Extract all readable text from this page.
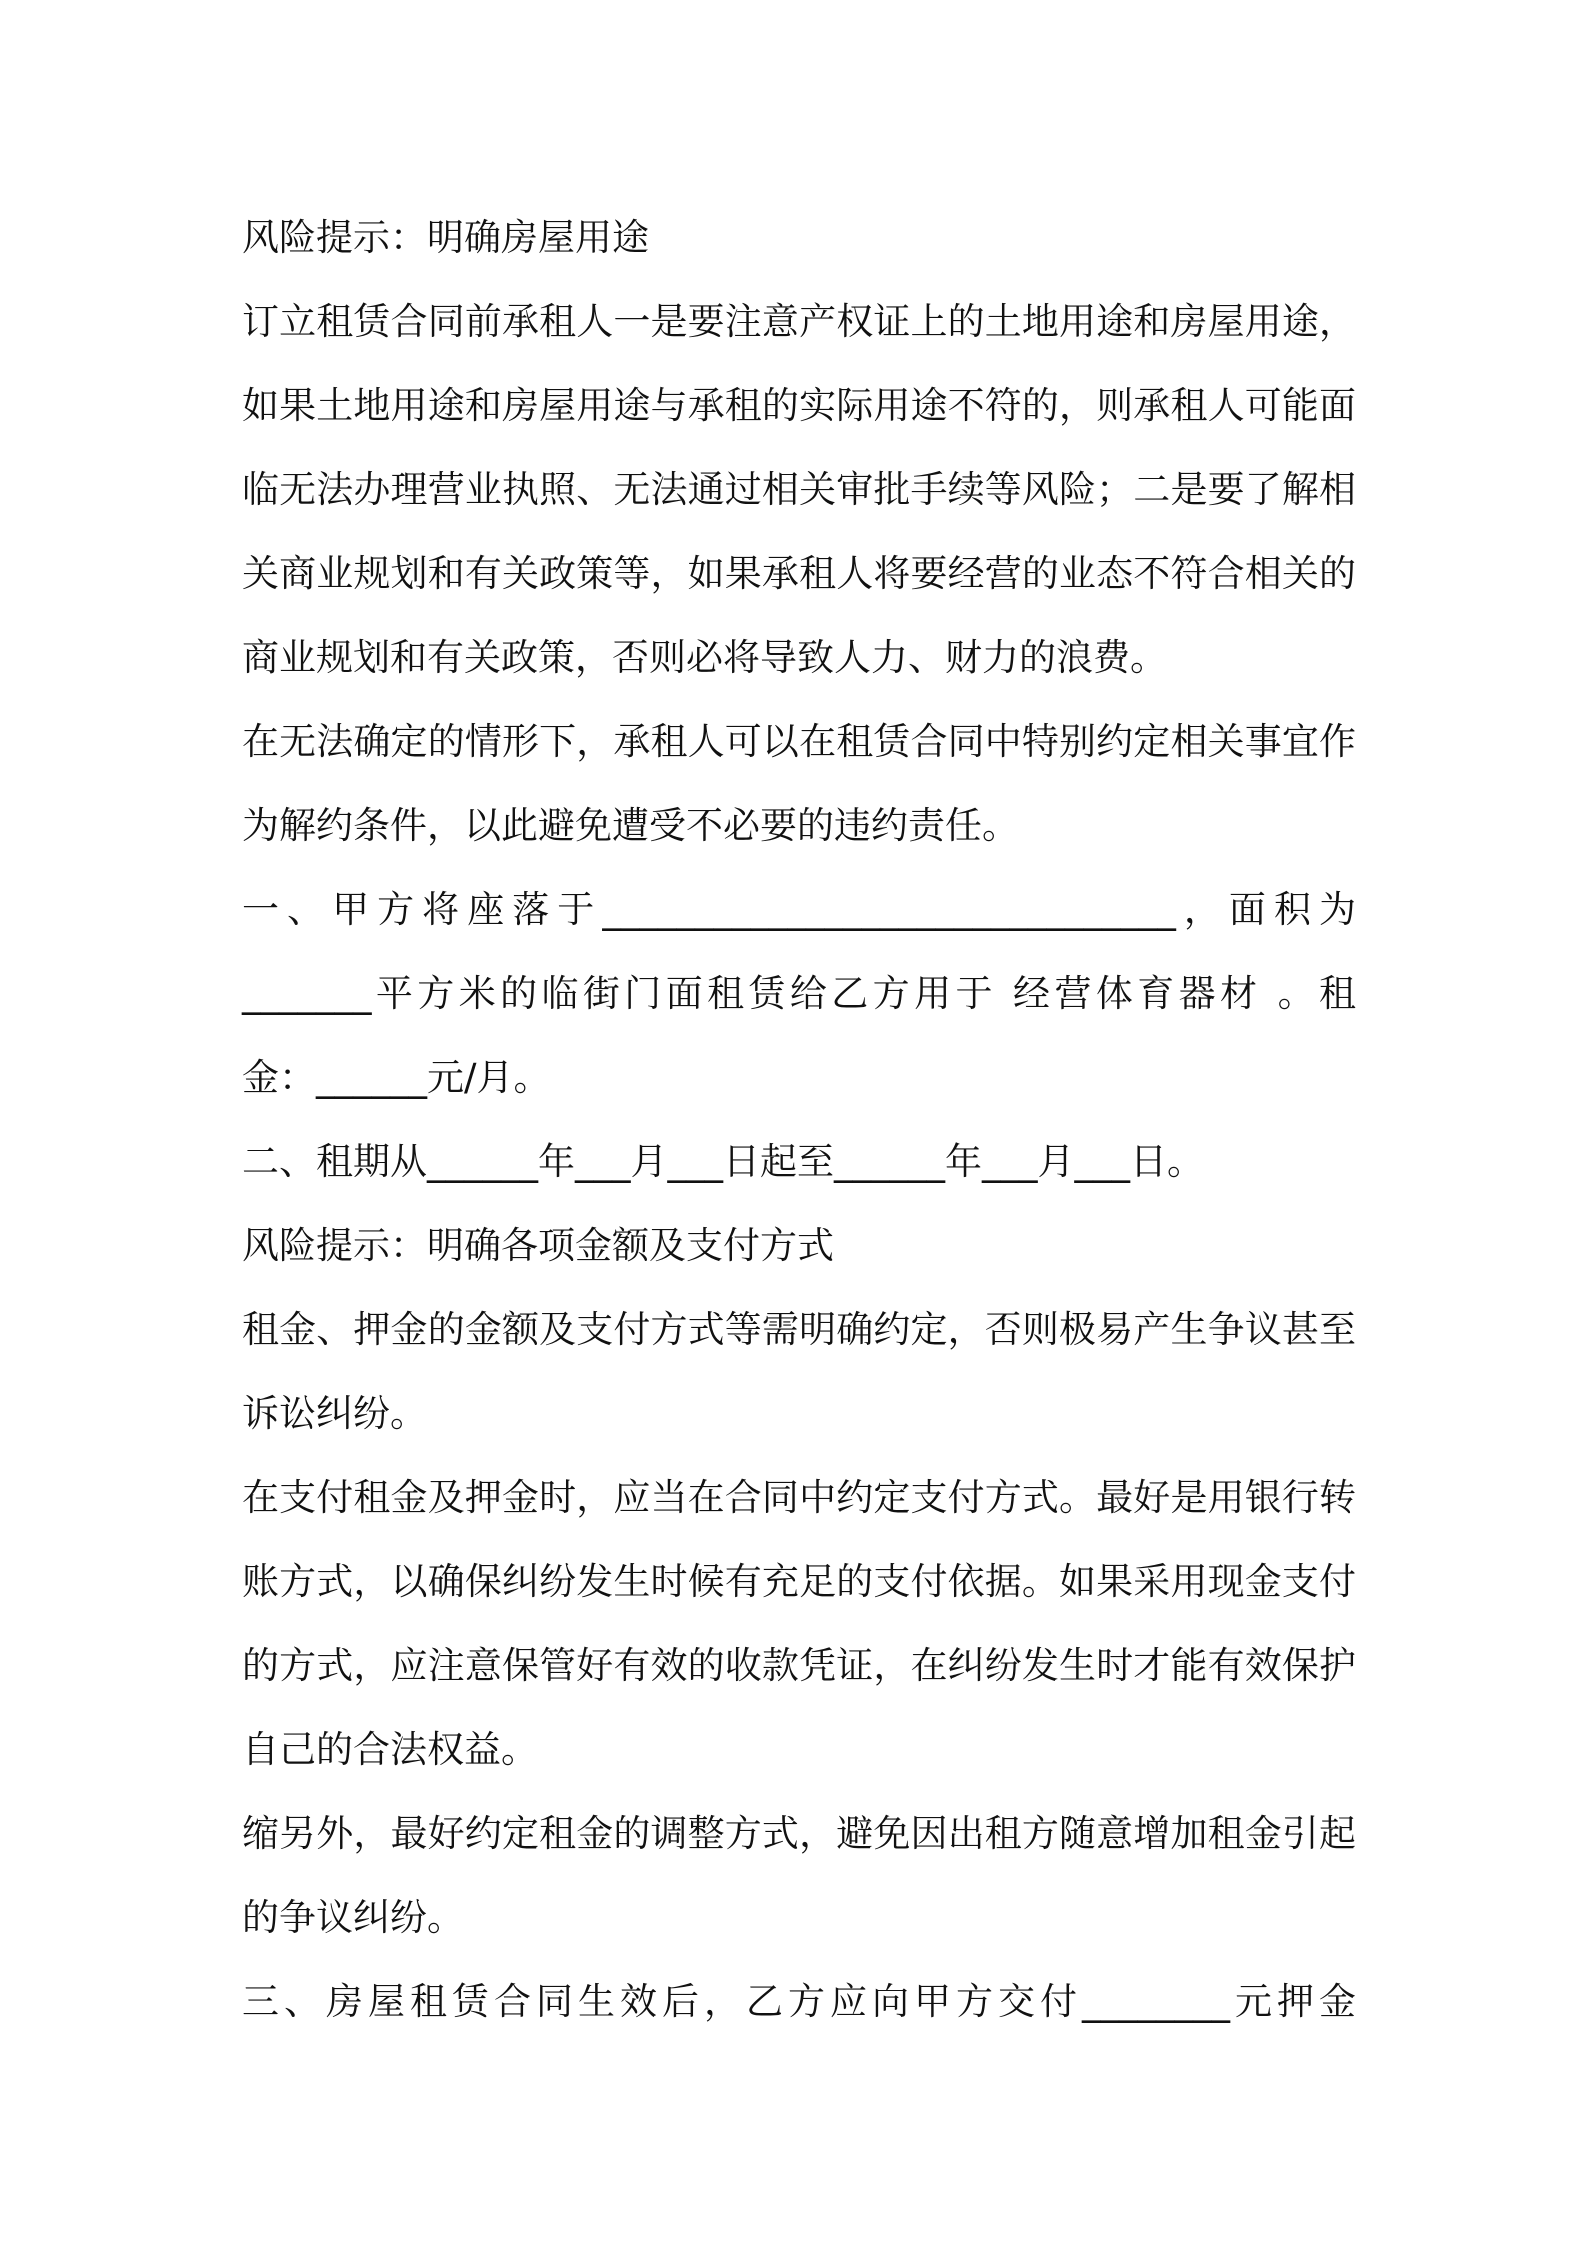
风险提示：明确房屋用途
订立租赁合同前承租人一是要注意产权证上的土地用途和房屋用途，
如果土地用途和房屋用途与承租的实际用途不符的，则承租人可能面
临无法办理营业执照、无法通过相关审批手续等风险；二是要了解相
关商业规划和有关政策等，如果承租人将要经营的业态不符合相关的
商业规划和有关政策，否则必将导致人力、财力的浪费。
在无法确定的情形下，承租人可以在租赁合同中特别约定相关事宜作
为解约条件，以此避免遭受不必要的违约责任。
一、甲方将座落于_______________________________，面积为
_______平方米的临街门面租赁给乙方用于 经营体育器材 。租
金：______元/月。
二、租期从______年___月___日起至______年___月___日。
风险提示：明确各项金额及支付方式
租金、押金的金额及支付方式等需明确约定，否则极易产生争议甚至
诉讼纠纷。
在支付租金及押金时，应当在合同中约定支付方式。最好是用银行转
账方式，以确保纠纷发生时候有充足的支付依据。如果采用现金支付
的方式，应注意保管好有效的收款凭证，在纠纷发生时才能有效保护
自己的合法权益。
缩另外，最好约定租金的调整方式，避免因出租方随意增加租金引起
的争议纠纷。
三、房屋租赁合同生效后，乙方应向甲方交付________元押金
